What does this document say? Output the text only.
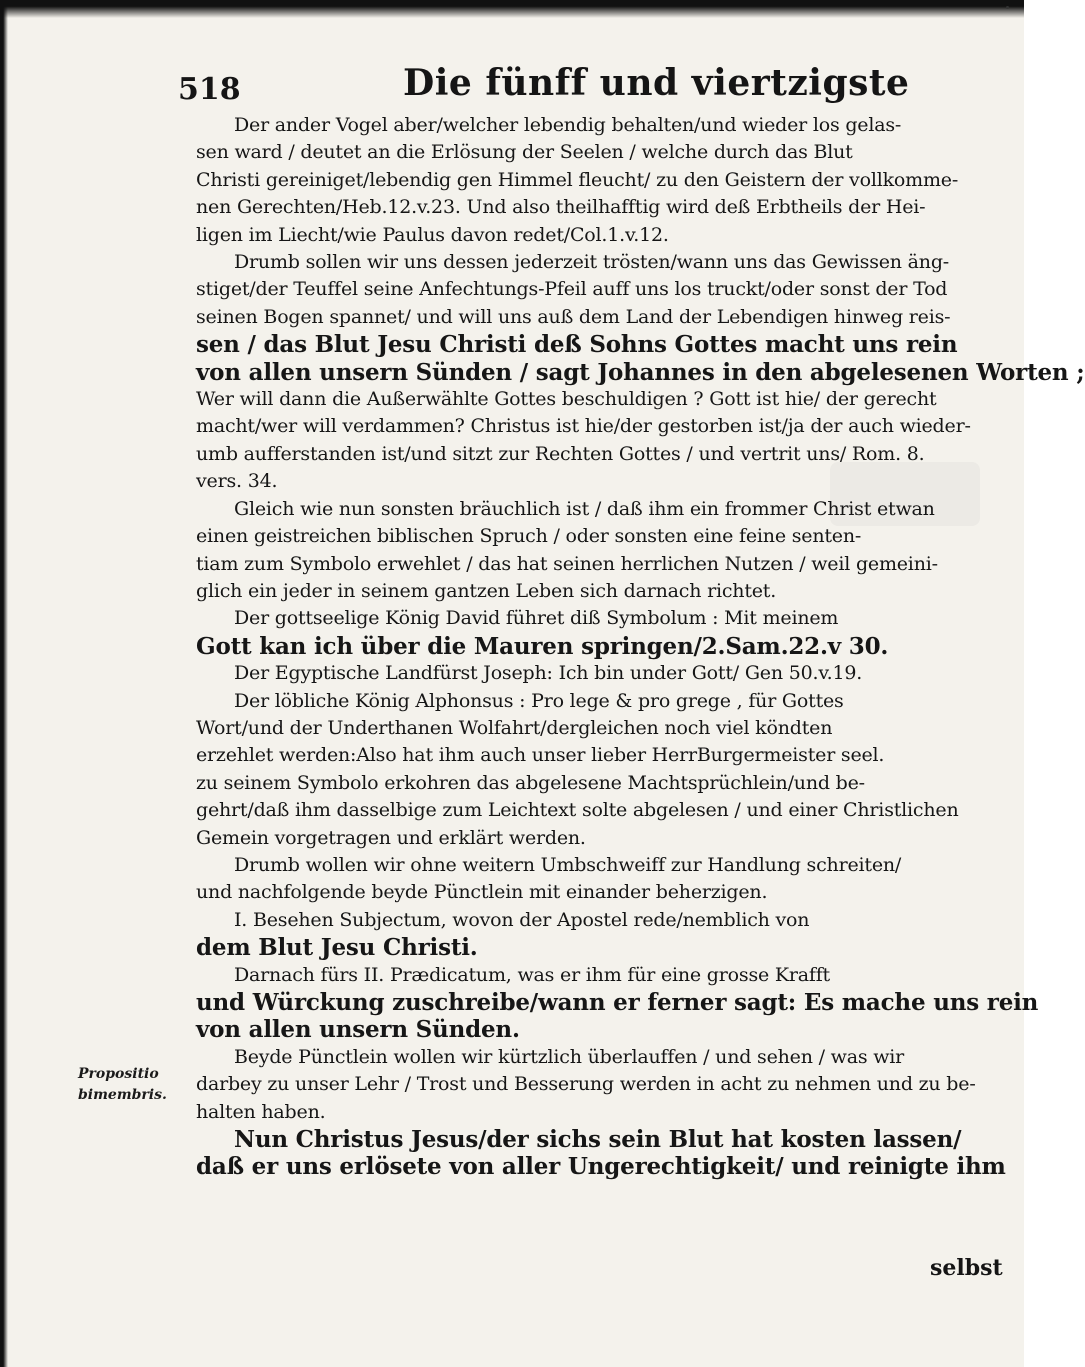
518	Die fünff und viertzigste
Propositio
bimembris.
Der ander Vogel aber/welcher lebendig behalten/und wieder los gelas-
sen ward / deutet an die Erlösung der Seelen / welche durch das Blut
Christi gereiniget/lebendig gen Himmel fleucht/ zu den Geistern der vollkomme-
nen Gerechten/Heb.12.v.23. Und also theilhafftig wird deß Erbtheils der Hei-
ligen im Liecht/wie Paulus davon redet/Col.1.v.12.
Drumb sollen wir uns dessen jederzeit trösten/wann uns das Gewissen äng-
stiget/der Teuffel seine Anfechtungs-Pfeil auff uns los truckt/oder sonst der Tod
seinen Bogen spannet/ und will uns auß dem Land der Lebendigen hinweg reis-
sen / das Blut Jesu Christi deß Sohns Gottes macht uns rein
von allen unsern Sünden / sagt Johannes in den abgelesenen Worten ;
Wer will dann die Außerwählte Gottes beschuldigen ? Gott ist hie/ der gerecht
macht/wer will verdammen? Christus ist hie/der gestorben ist/ja der auch wieder-
umb aufferstanden ist/und sitzt zur Rechten Gottes / und vertrit uns/ Rom. 8.
vers. 34.
Gleich wie nun sonsten bräuchlich ist / daß ihm ein frommer Christ etwan
einen geistreichen biblischen Spruch / oder sonsten eine feine senten-
tiam zum Symbolo erwehlet / das hat seinen herrlichen Nutzen / weil gemeini-
glich ein jeder in seinem gantzen Leben sich darnach richtet.
Der gottseelige König David führet diß Symbolum : Mit meinem
Gott kan ich über die Mauren springen/2.Sam.22.v 30.
Der Egyptische Landfürst Joseph: Ich bin under Gott/ Gen 50.v.19.
Der löbliche König Alphonsus : Pro lege & pro grege , für Gottes
Wort/und der Underthanen Wolfahrt/dergleichen noch viel köndten
erzehlet werden:Also hat ihm auch unser lieber HerrBurgermeister seel.
zu seinem Symbolo erkohren das abgelesene Machtsprüchlein/und be-
gehrt/daß ihm dasselbige zum Leichtext solte abgelesen / und einer Christlichen
Gemein vorgetragen und erklärt werden.
Drumb wollen wir ohne weitern Umbschweiff zur Handlung schreiten/
und nachfolgende beyde Pünctlein mit einander beherzigen.
I. Besehen Subjectum, wovon der Apostel rede/nemblich von
dem Blut Jesu Christi.
Darnach fürs II. Prædicatum, was er ihm für eine grosse Krafft
und Würckung zuschreibe/wann er ferner sagt: Es mache uns rein
von allen unsern Sünden.
Beyde Pünctlein wollen wir kürtzlich überlauffen / und sehen / was wir
darbey zu unser Lehr / Trost und Besserung werden in acht zu nehmen und zu be-
halten haben.
Nun Christus Jesus/der sichs sein Blut hat kosten lassen/
daß er uns erlösete von aller Ungerechtigkeit/ und reinigte ihm
selbst
